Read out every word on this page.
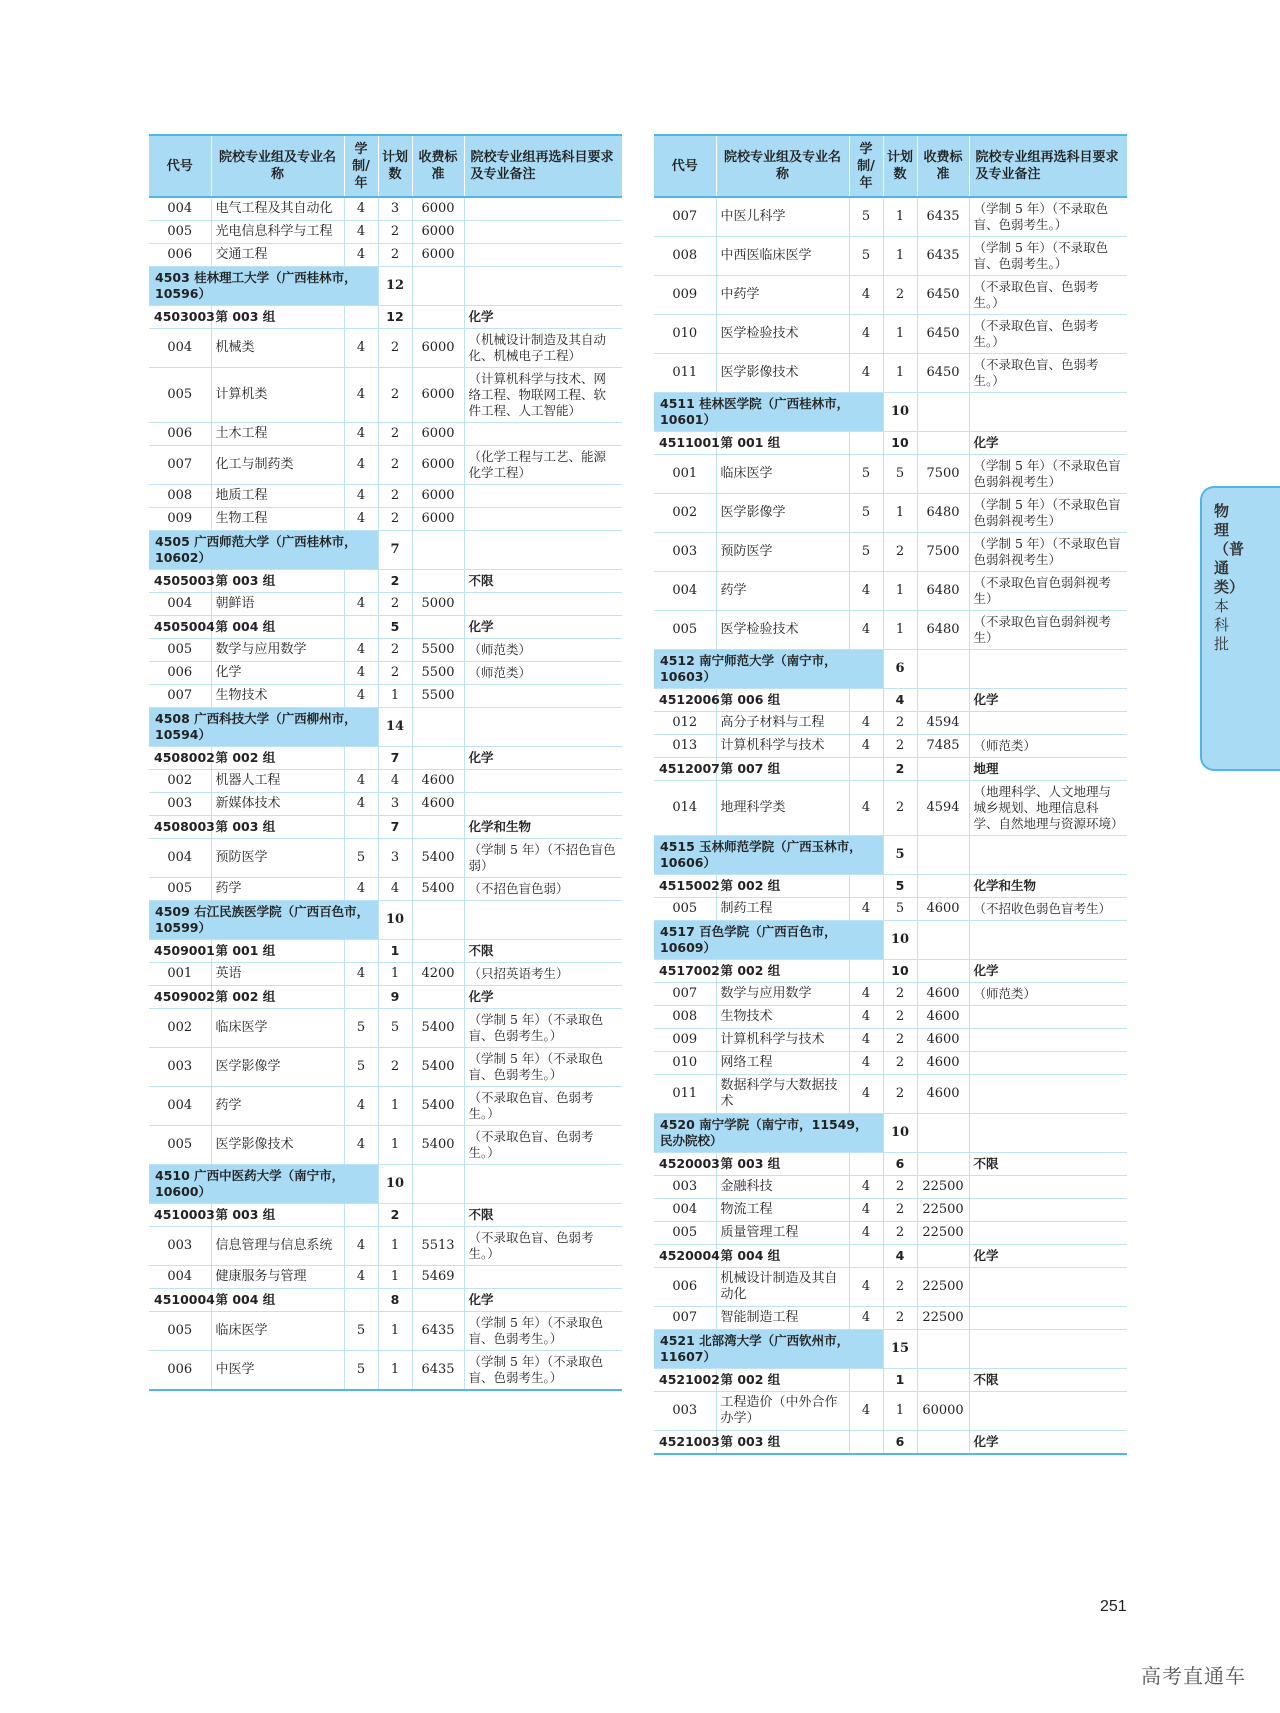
代号	院校专业组及专业名称	学制/年	计划数	收费标准	院校专业组再选科目要求及专业备注
004	电气工程及其自动化	4	3	6000	
005	光电信息科学与工程	4	2	6000	
006	交通工程	4	2	6000	
4503 桂林理工大学（广西桂林市，10596）			12		
4503003	第 003 组		12		化学
004	机械类	4	2	6000	（机械设计制造及其自动化、机械电子工程）
005	计算机类	4	2	6000	（计算机科学与技术、网络工程、物联网工程、软件工程、人工智能）
006	土木工程	4	2	6000	
007	化工与制药类	4	2	6000	（化学工程与工艺、能源化学工程）
008	地质工程	4	2	6000	
009	生物工程	4	2	6000	
4505 广西师范大学（广西桂林市，10602）			7		
4505003	第 003 组		2		不限
004	朝鲜语	4	2	5000	
4505004	第 004 组		5		化学
005	数学与应用数学	4	2	5500	（师范类）
006	化学	4	2	5500	（师范类）
007	生物技术	4	1	5500	
4508 广西科技大学（广西柳州市，10594）			14		
4508002	第 002 组		7		化学
002	机器人工程	4	4	4600	
003	新媒体技术	4	3	4600	
4508003	第 003 组		7		化学和生物
004	预防医学	5	3	5400	（学制 5 年）（不招色盲色弱）
005	药学	4	4	5400	（不招色盲色弱）
4509 右江民族医学院（广西百色市，10599）			10		
4509001	第 001 组		1		不限
001	英语	4	1	4200	（只招英语考生）
4509002	第 002 组		9		化学
002	临床医学	5	5	5400	（学制 5 年）（不录取色盲、色弱考生。）
003	医学影像学	5	2	5400	（学制 5 年）（不录取色盲、色弱考生。）
004	药学	4	1	5400	（不录取色盲、色弱考生。）
005	医学影像技术	4	1	5400	（不录取色盲、色弱考生。）
4510 广西中医药大学（南宁市，10600）			10		
4510003	第 003 组		2		不限
003	信息管理与信息系统	4	1	5513	（不录取色盲、色弱考生。）
004	健康服务与管理	4	1	5469	
4510004	第 004 组		8		化学
005	临床医学	5	1	6435	（学制 5 年）（不录取色盲、色弱考生。）
006	中医学	5	1	6435	（学制 5 年）（不录取色盲、色弱考生。）
代号	院校专业组及专业名称	学制/年	计划数	收费标准	院校专业组再选科目要求及专业备注
007	中医儿科学	5	1	6435	（学制 5 年）（不录取色盲、色弱考生。）
008	中西医临床医学	5	1	6435	（学制 5 年）（不录取色盲、色弱考生。）
009	中药学	4	2	6450	（不录取色盲、色弱考生。）
010	医学检验技术	4	1	6450	（不录取色盲、色弱考生。）
011	医学影像技术	4	1	6450	（不录取色盲、色弱考生。）
4511 桂林医学院（广西桂林市，10601）			10		
4511001	第 001 组		10		化学
001	临床医学	5	5	7500	（学制 5 年）（不录取色盲色弱斜视考生）
002	医学影像学	5	1	6480	（学制 5 年）（不录取色盲色弱斜视考生）
003	预防医学	5	2	7500	（学制 5 年）（不录取色盲色弱斜视考生）
004	药学	4	1	6480	（不录取色盲色弱斜视考生）
005	医学检验技术	4	1	6480	（不录取色盲色弱斜视考生）
4512 南宁师范大学（南宁市，10603）			6		
4512006	第 006 组		4		化学
012	高分子材料与工程	4	2	4594	
013	计算机科学与技术	4	2	7485	（师范类）
4512007	第 007 组		2		地理
014	地理科学类	4	2	4594	（地理科学、人文地理与城乡规划、地理信息科学、自然地理与资源环境）
4515 玉林师范学院（广西玉林市，10606）			5		
4515002	第 002 组		5		化学和生物
005	制药工程	4	5	4600	（不招收色弱色盲考生）
4517 百色学院（广西百色市，10609）			10		
4517002	第 002 组		10		化学
007	数学与应用数学	4	2	4600	（师范类）
008	生物技术	4	2	4600	
009	计算机科学与技术	4	2	4600	
010	网络工程	4	2	4600	
011	数据科学与大数据技术	4	2	4600	
4520 南宁学院（南宁市，11549，民办院校）			10		
4520003	第 003 组		6		不限
003	金融科技	4	2	22500	
004	物流工程	4	2	22500	
005	质量管理工程	4	2	22500	
4520004	第 004 组		4		化学
006	机械设计制造及其自动化	4	2	22500	
007	智能制造工程	4	2	22500	
4521 北部湾大学（广西钦州市，11607）			15		
4521002	第 002 组		1		不限
003	工程造价（中外合作办学）	4	1	60000	
4521003	第 003 组		6		化学
物理（普通类）本科批
251
高考直通车
